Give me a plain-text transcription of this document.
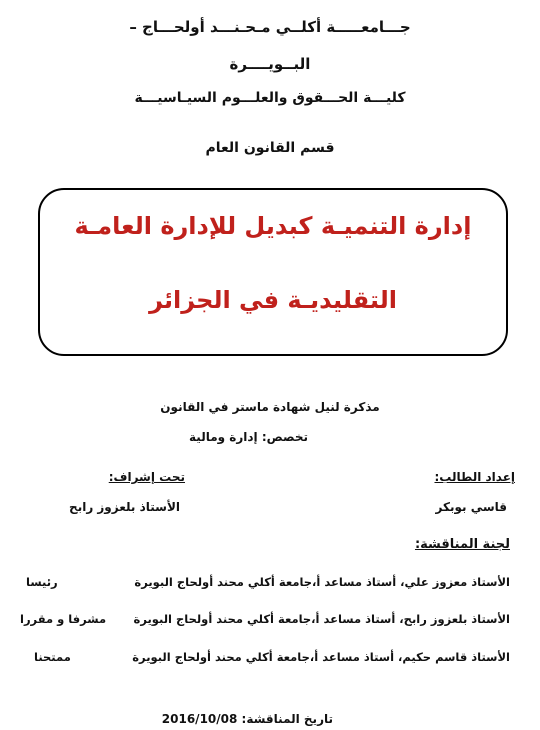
جـــامعـــــة أكلــي مـحـنـــد أولحـــاج –
البــويــــرة
كليـــة الحـــقوق والعلـــوم السيـاسيـــة
قسم القانون العام
إدارة التنميـة كبديل للإدارة العامـة
التقليديـة في الجزائر
مذكرة لنيل شهادة ماستر في القانون
تخصص: إدارة ومالية
إعداد الطالب:
تحت إشراف:
قاسي بوبكر
الأستاذ بلعزوز رابح
لجنة المناقشة:
الأستاذ معزوز علي، أستاذ مساعد أ،جامعة أكلي محند أولحاج البويرة
رئيسا
الأستاذ بلعزوز رابح، أستاذ مساعد أ،جامعة أكلي محند أولحاج البويرة
مشرفا و مقررا
الأستاذ قاسم حكيم، أستاذ مساعد أ،جامعة أكلي محند أولحاج البويرة
ممتحنا
تاريخ المناقشة: 2016/10/08
